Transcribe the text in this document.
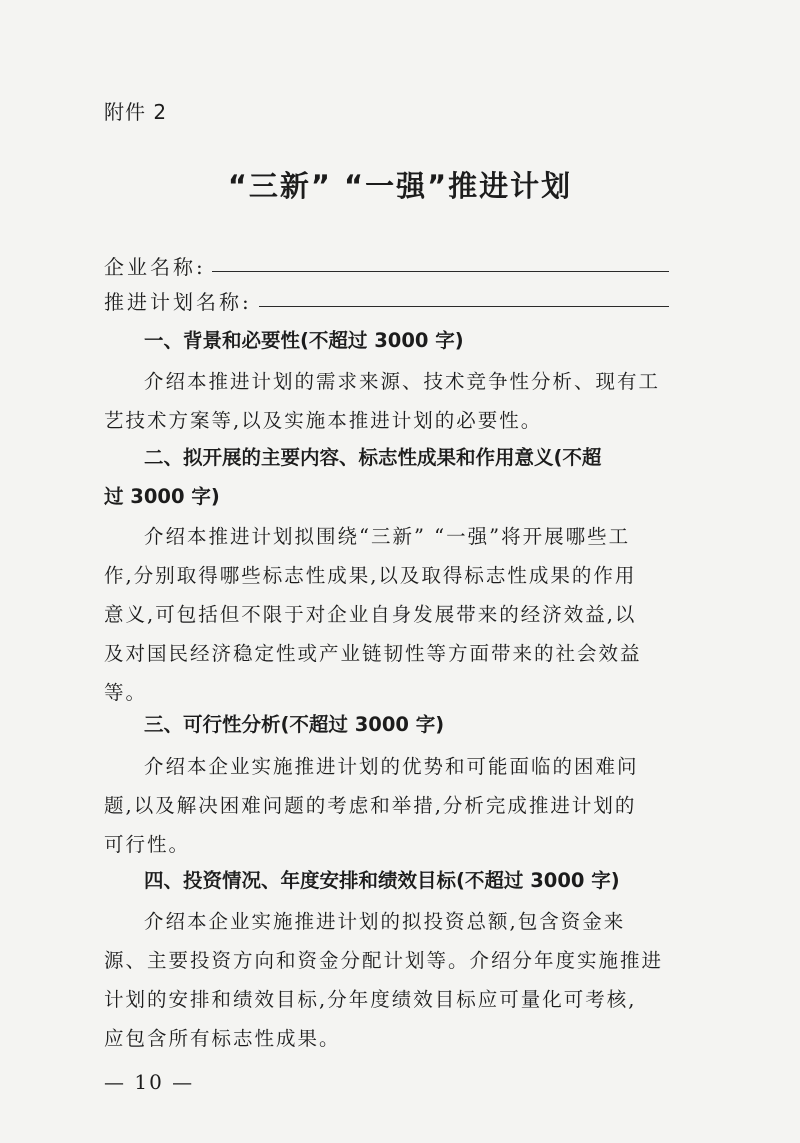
附件 2
“三新” “一强”推进计划
企业名称:
推进计划名称:
一、背景和必要性(不超过 3000 字)
介绍本推进计划的需求来源、技术竞争性分析、现有工
艺技术方案等,以及实施本推进计划的必要性。
二、拟开展的主要内容、标志性成果和作用意义(不超
过 3000 字)
介绍本推进计划拟围绕“三新” “一强”将开展哪些工
作,分别取得哪些标志性成果,以及取得标志性成果的作用
意义,可包括但不限于对企业自身发展带来的经济效益,以
及对国民经济稳定性或产业链韧性等方面带来的社会效益
等。
三、可行性分析(不超过 3000 字)
介绍本企业实施推进计划的优势和可能面临的困难问
题,以及解决困难问题的考虑和举措,分析完成推进计划的
可行性。
四、投资情况、年度安排和绩效目标(不超过 3000 字)
介绍本企业实施推进计划的拟投资总额,包含资金来
源、主要投资方向和资金分配计划等。介绍分年度实施推进
计划的安排和绩效目标,分年度绩效目标应可量化可考核,
应包含所有标志性成果。
— 10 —
